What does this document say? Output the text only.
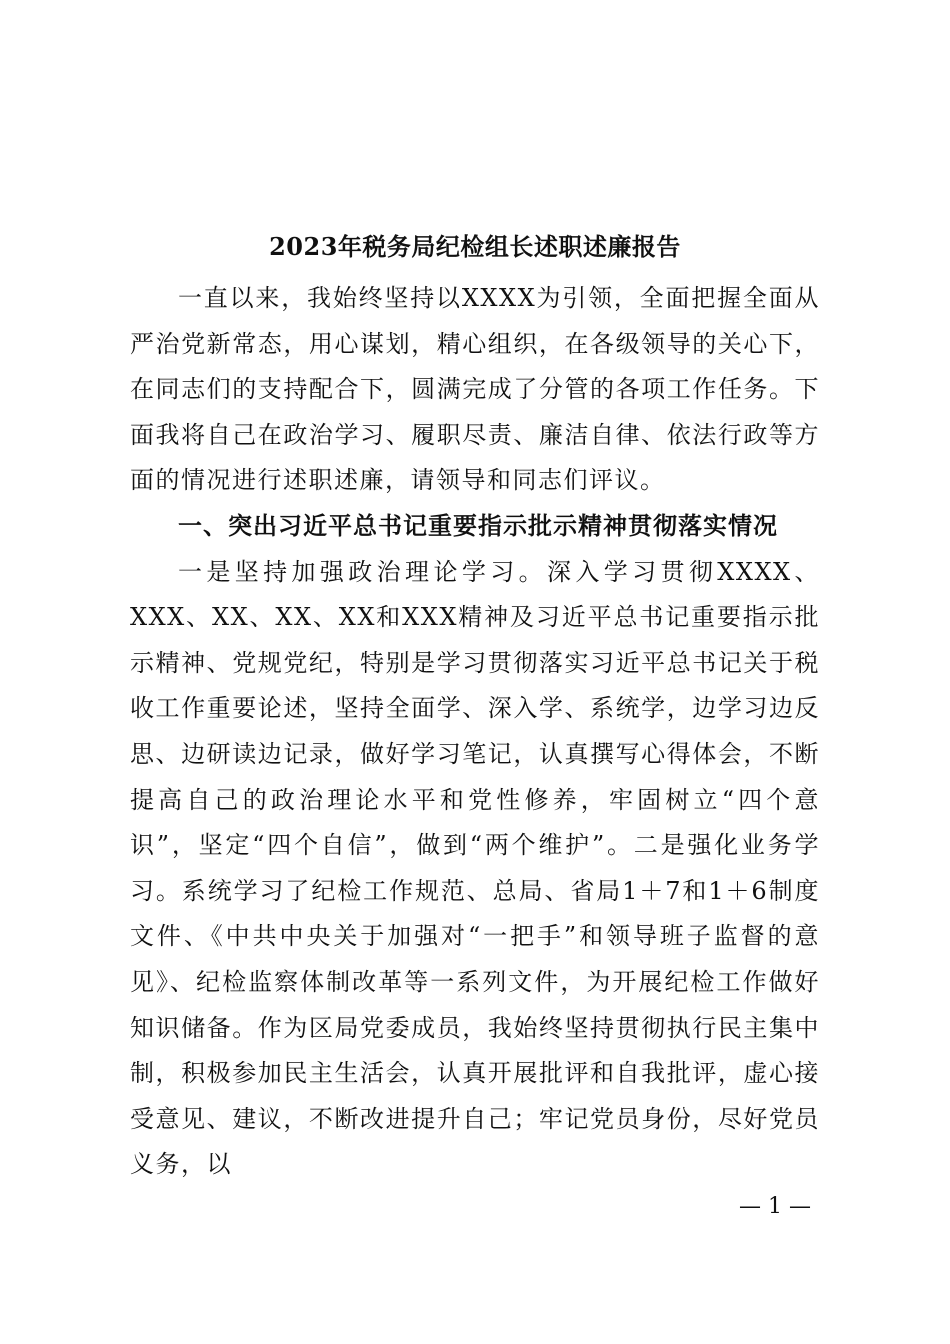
2023年税务局纪检组长述职述廉报告

一直以来，我始终坚持以XXXX为引领，全面把握全面从严治党新常态，用心谋划，精心组织，在各级领导的关心下，在同志们的支持配合下，圆满完成了分管的各项工作任务。下面我将自己在政治学习、履职尽责、廉洁自律、依法行政等方面的情况进行述职述廉，请领导和同志们评议。

一、突出习近平总书记重要指示批示精神贯彻落实情况

一是坚持加强政治理论学习。深入学习贯彻XXXX、XXX、XX、XX、XX和XXX精神及习近平总书记重要指示批示精神、党规党纪，特别是学习贯彻落实习近平总书记关于税收工作重要论述，坚持全面学、深入学、系统学，边学习边反思、边研读边记录，做好学习笔记，认真撰写心得体会，不断提高自己的政治理论水平和党性修养，牢固树立“四个意识”，坚定“四个自信”，做到“两个维护”。二是强化业务学习。系统学习了纪检工作规范、总局、省局1＋7和1＋6制度文件、《中共中央关于加强对“一把手”和领导班子监督的意见》、纪检监察体制改革等一系列文件，为开展纪检工作做好知识储备。作为区局党委成员，我始终坚持贯彻执行民主集中制，积极参加民主生活会，认真开展批评和自我批评，虚心接受意见、建议，不断改进提升自己；牢记党员身份，尽好党员义务，以

— 1 —
